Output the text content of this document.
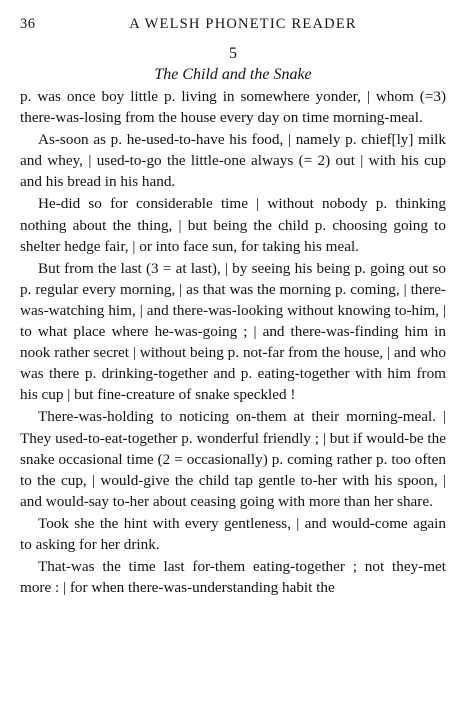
36	A WELSH PHONETIC READER
5
The Child and the Snake

p. was once boy little p. living in somewhere yonder, | whom (=3) there-was-losing from the house every day on time morning-meal.

As-soon as p. he-used-to-have his food, | namely p. chief[ly] milk and whey, | used-to-go the little-one always (= 2) out | with his cup and his bread in his hand.

He-did so for considerable time | without nobody p. thinking nothing about the thing, | but being the child p. choosing going to shelter hedge fair, | or into face sun, for taking his meal.

But from the last (3 = at last), | by seeing his being p. going out so p. regular every morning, | as that was the morning p. coming, | there-was-watching him, | and there-was-looking without knowing to-him, | to what place where he-was-going ; | and there-was-finding him in nook rather secret | without being p. not-far from the house, | and who was there p. drinking-together and p. eating-together with him from his cup | but fine-creature of snake speckled !

There-was-holding to noticing on-them at their morning-meal. | They used-to-eat-together p. wonderful friendly ; | but if would-be the snake occasional time (2 = occasionally) p. coming rather p. too often to the cup, | would-give the child tap gentle to-her with his spoon, | and would-say to-her about ceasing going with more than her share.

Took she the hint with every gentleness, | and would-come again to asking for her drink.

That-was the time last for-them eating-together ; not they-met more : | for when there-was-understanding habit the
